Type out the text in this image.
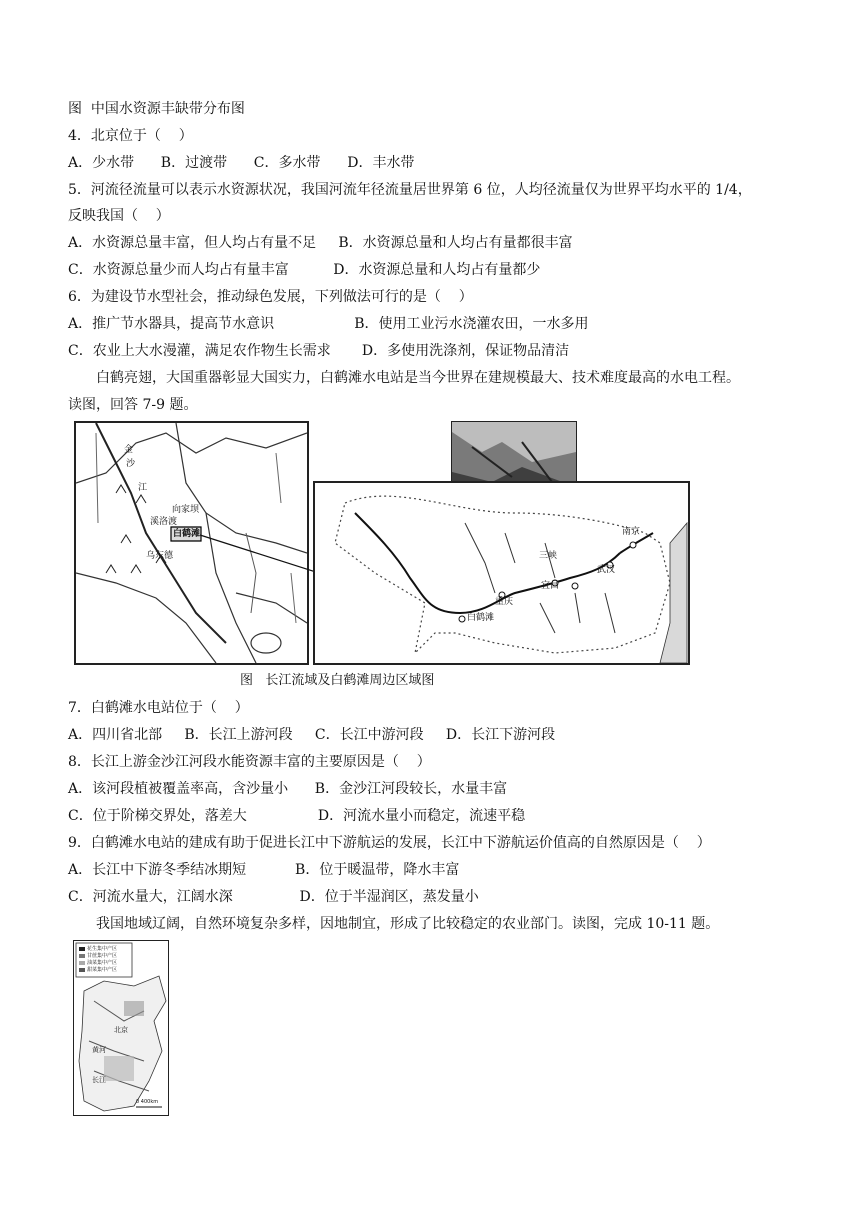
图  中国水资源丰缺带分布图
4．北京位于（    ）
A．少水带      B．过渡带      C．多水带      D．丰水带
5．河流径流量可以表示水资源状况，我国河流年径流量居世界第 6 位，人均径流量仅为世界平均水平的 1/4，
反映我国（    ）
A．水资源总量丰富，但人均占有量不足     B．水资源总量和人均占有量都很丰富
C．水资源总量少而人均占有量丰富          D．水资源总量和人均占有量都少
6．为建设节水型社会，推动绿色发展，下列做法可行的是（    ）
A．推广节水器具，提高节水意识                  B．使用工业污水浇灌农田，一水多用
C．农业上大水漫灌，满足农作物生长需求       D．多使用洗涤剂，保证物品清洁
白鹤亮翅，大国重器彰显大国实力，白鹤滩水电站是当今世界在建规模最大、技术难度最高的水电工程。
读图，回答 7-9 题。
金
沙
江
向家坝
溪洛渡
白鹤滩
乌东德
南京
三峡
武汉
宜昌
重庆
白鹤滩
图   长江流域及白鹤滩周边区域图
7．白鹤滩水电站位于（    ）
A．四川省北部     B．长江上游河段     C．长江中游河段     D．长江下游河段
8．长江上游金沙江河段水能资源丰富的主要原因是（    ）
A．该河段植被覆盖率高，含沙量小      B．金沙江河段较长，水量丰富
C．位于阶梯交界处，落差大                D．河流水量小而稳定，流速平稳
9．白鹤滩水电站的建成有助于促进长江中下游航运的发展，长江中下游航运价值高的自然原因是（    ）
A．长江中下游冬季结冰期短           B．位于暖温带，降水丰富
C．河流水量大，江阔水深               D．位于半湿润区，蒸发量小
我国地域辽阔，自然环境复杂多样，因地制宜，形成了比较稳定的农业部门。读图，完成 10-11 题。
花生集中产区
甘蔗集中产区
油菜集中产区
甜菜集中产区
北京
黄河
长江
0 400km
